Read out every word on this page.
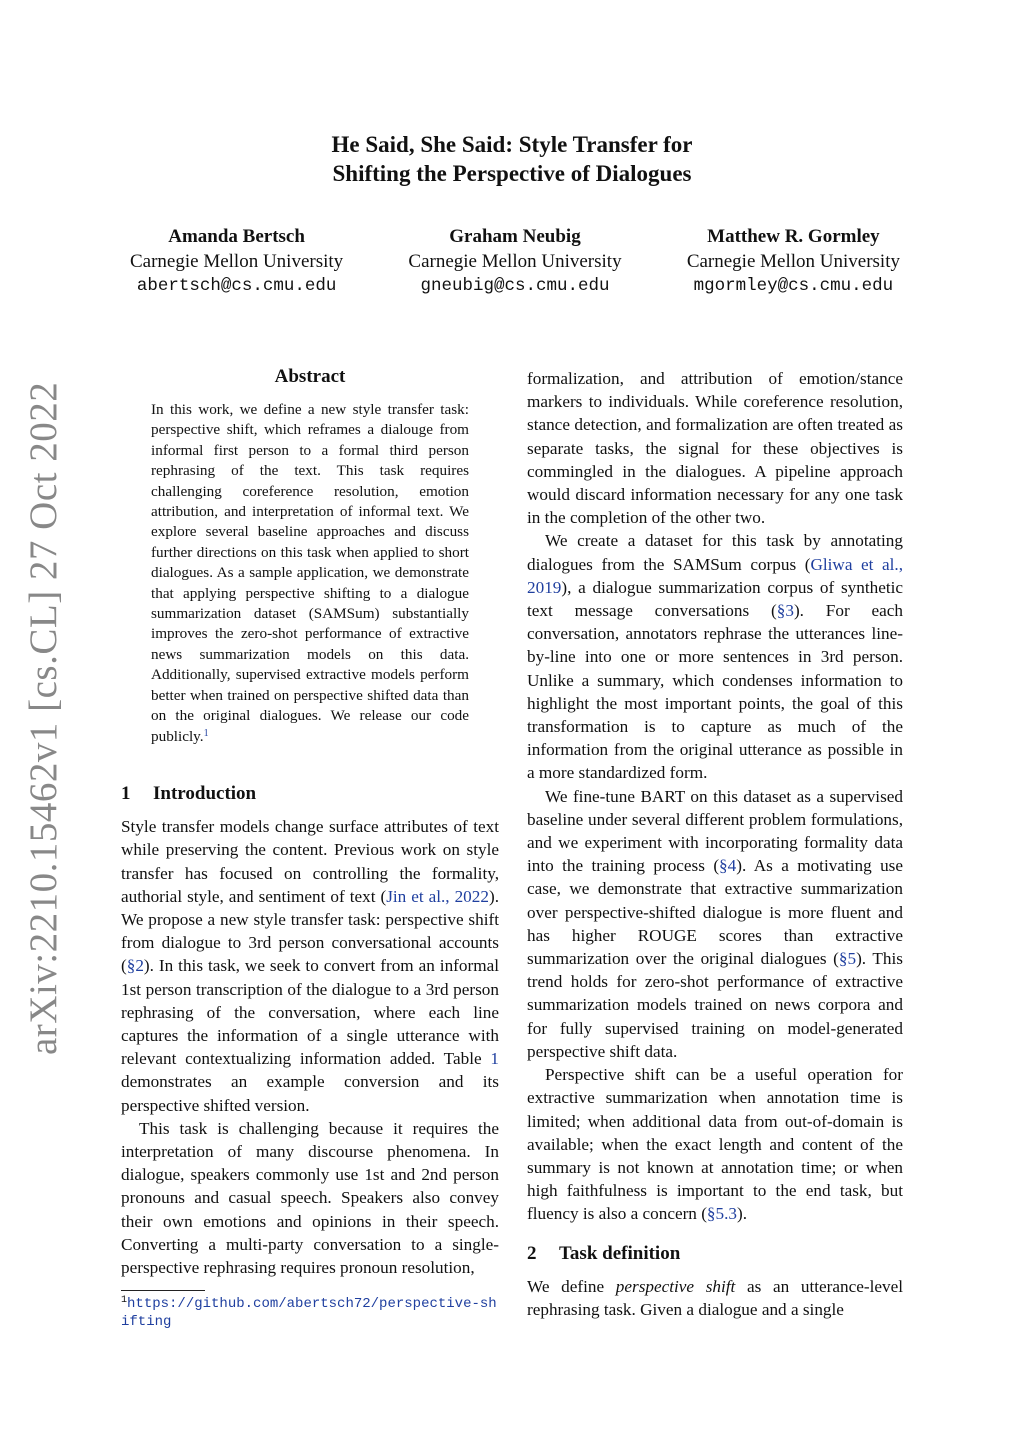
He Said, She Said: Style Transfer for
Shifting the Perspective of Dialogues
Amanda Bertsch
Carnegie Mellon University
abertsch@cs.cmu.edu
Graham Neubig
Carnegie Mellon University
gneubig@cs.cmu.edu
Matthew R. Gormley
Carnegie Mellon University
mgormley@cs.cmu.edu
arXiv:2210.15462v1 [cs.CL] 27 Oct 2022
Abstract
In this work, we define a new style transfer task: perspective shift, which reframes a dialouge from informal first person to a formal third person rephrasing of the text. This task requires challenging coreference resolution, emotion attribution, and interpretation of informal text. We explore several baseline approaches and discuss further directions on this task when applied to short dialogues. As a sample application, we demonstrate that applying perspective shifting to a dialogue summarization dataset (SAMSum) substantially improves the zero-shot performance of extractive news summarization models on this data. Additionally, supervised extractive models perform better when trained on perspective shifted data than on the original dialogues. We release our code publicly.$^1$
1 Introduction

Style transfer models change surface attributes of text while preserving the content. Previous work on style transfer has focused on controlling the formality, authorial style, and sentiment of text (Jin et al., 2022). We propose a new style transfer task: perspective shift from dialogue to 3rd person conversational accounts (§2). In this task, we seek to convert from an informal 1st person transcription of the dialogue to a 3rd person rephrasing of the conversation, where each line captures the information of a single utterance with relevant contextualizing information added. Table 1 demonstrates an example conversion and its perspective shifted version.

This task is challenging because it requires the interpretation of many discourse phenomena. In dialogue, speakers commonly use 1st and 2nd person pronouns and casual speech. Speakers also convey their own emotions and opinions in their speech. Converting a multi-party conversation to a single-perspective rephrasing requires pronoun resolution,

$^1$https://github.com/abertsch72/perspective-shifting

formalization, and attribution of emotion/stance markers to individuals. While coreference resolution, stance detection, and formalization are often treated as separate tasks, the signal for these objectives is commingled in the dialogues. A pipeline approach would discard information necessary for any one task in the completion of the other two.

We create a dataset for this task by annotating dialogues from the SAMSum corpus (Gliwa et al., 2019), a dialogue summarization corpus of synthetic text message conversations (§3). For each conversation, annotators rephrase the utterances line-by-line into one or more sentences in 3rd person. Unlike a summary, which condenses information to highlight the most important points, the goal of this transformation is to capture as much of the information from the original utterance as possible in a more standardized form.

We fine-tune BART on this dataset as a supervised baseline under several different problem formulations, and we experiment with incorporating formality data into the training process (§4). As a motivating use case, we demonstrate that extractive summarization over perspective-shifted dialogue is more fluent and has higher ROUGE scores than extractive summarization over the original dialogues (§5). This trend holds for zero-shot performance of extractive summarization models trained on news corpora and for fully supervised training on model-generated perspective shift data.

Perspective shift can be a useful operation for extractive summarization when annotation time is limited; when additional data from out-of-domain is available; when the exact length and content of the summary is not known at annotation time; or when high faithfulness is important to the end task, but fluency is also a concern (§5.3).

2 Task definition

We define perspective shift as an utterance-level rephrasing task. Given a dialogue and a single
